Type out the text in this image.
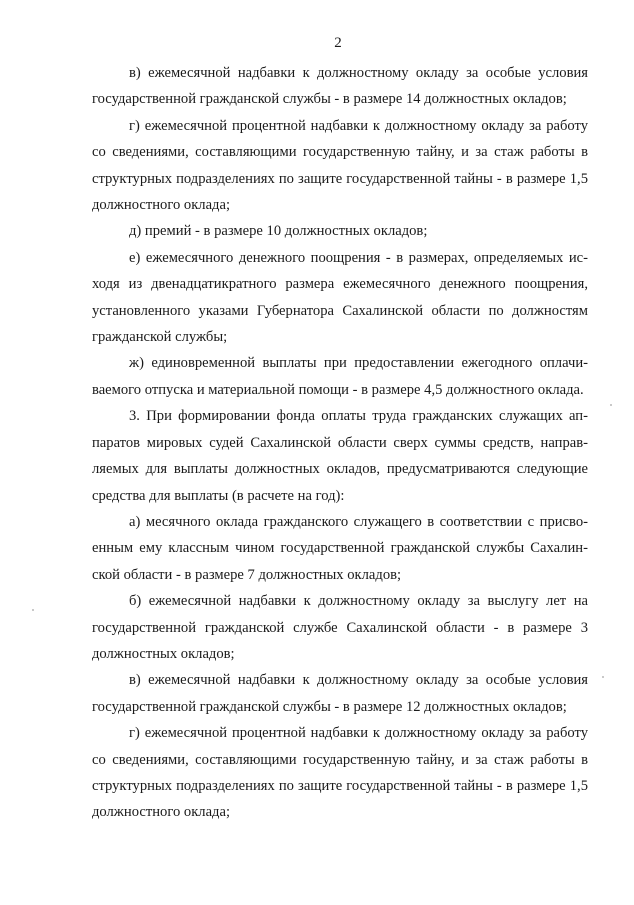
2

в) ежемесячной надбавки к должностному окладу за особые условия государственной гражданской службы - в размере 14 должностных окладов;

г) ежемесячной процентной надбавки к должностному окладу за работу со сведениями, составляющими государственную тайну, и за стаж работы в структурных подразделениях по защите государственной тайны - в размере 1,5 должностного оклада;

д) премий - в размере 10 должностных окладов;

е) ежемесячного денежного поощрения - в размерах, определяемых исходя из двенадцатикратного размера ежемесячного денежного поощрения, установленного указами Губернатора Сахалинской области по должностям гражданской службы;

ж) единовременной выплаты при предоставлении ежегодного оплачиваемого отпуска и материальной помощи - в размере 4,5 должностного оклада.

3. При формировании фонда оплаты труда гражданских служащих аппаратов мировых судей Сахалинской области сверх суммы средств, направляемых для выплаты должностных окладов, предусматриваются следующие средства для выплаты (в расчете на год):

а) месячного оклада гражданского служащего в соответствии с присвоенным ему классным чином государственной гражданской службы Сахалинской области - в размере 7 должностных окладов;

б) ежемесячной надбавки к должностному окладу за выслугу лет на государственной гражданской службе Сахалинской области - в размере 3 должностных окладов;

в) ежемесячной надбавки к должностному окладу за особые условия государственной гражданской службы - в размере 12 должностных окладов;

г) ежемесячной процентной надбавки к должностному окладу за работу со сведениями, составляющими государственную тайну, и за стаж работы в структурных подразделениях по защите государственной тайны - в размере 1,5 должностного оклада;
